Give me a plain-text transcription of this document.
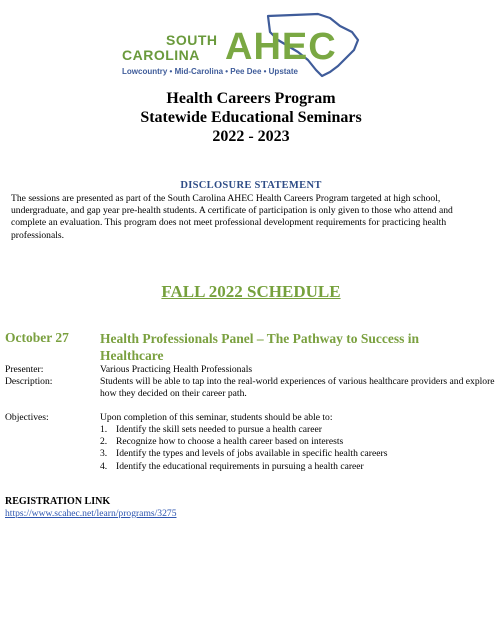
SOUTH
CAROLINA AHEC
Lowcountry • Mid-Carolina • Pee Dee • Upstate
Health Careers Program
Statewide Educational Seminars
2022 - 2023
DISCLOSURE STATEMENT
The sessions are presented as part of the South Carolina AHEC Health Careers Program targeted at high school, undergraduate, and gap year pre-health students. A certificate of participation is only given to those who attend and complete an evaluation. This program does not meet professional development requirements for practicing health professionals.
FALL 2022 SCHEDULE
October 27 Health Professionals Panel – The Pathway to Success in Healthcare
Presenter:	Various Practicing Health Professionals
Description:	Students will be able to tap into the real-world experiences of various healthcare providers and explore how they decided on their career path.
Objectives:	Upon completion of this seminar, students should be able to:
1. Identify the skill sets needed to pursue a health career
2. Recognize how to choose a health career based on interests
3. Identify the types and levels of jobs available in specific health careers
4. Identify the educational requirements in pursuing a health career
REGISTRATION LINK
https://www.scahec.net/learn/programs/3275
